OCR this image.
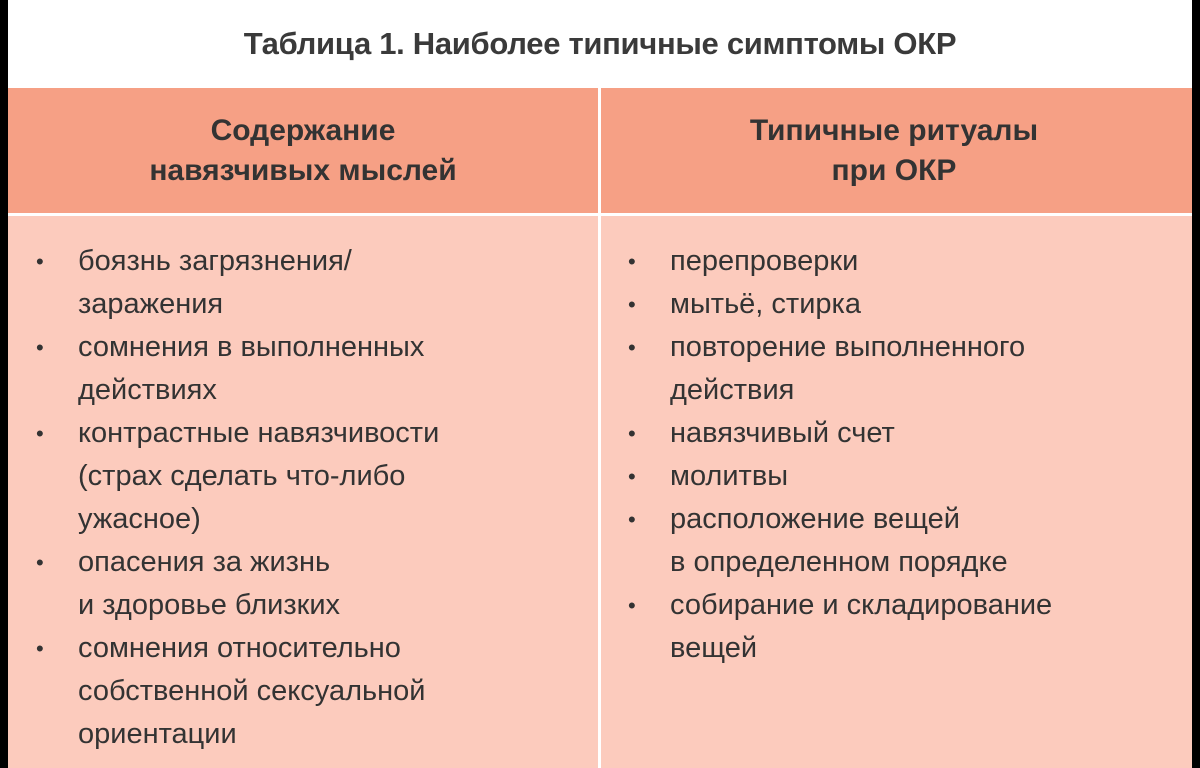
Таблица 1. Наиболее типичные симптомы ОКР
Содержание
навязчивых мыслей
Типичные ритуалы
при ОКР
• боязнь загрязнения/
заражения
• сомнения в выполненных
действиях
• контрастные навязчивости
(страх сделать что-либо
ужасное)
• опасения за жизнь
и здоровье близких
• сомнения относительно
собственной сексуальной
ориентации
• перепроверки
• мытьё, стирка
• повторение выполненного
действия
• навязчивый счет
• молитвы
• расположение вещей
в определенном порядке
• собирание и складирование
вещей
